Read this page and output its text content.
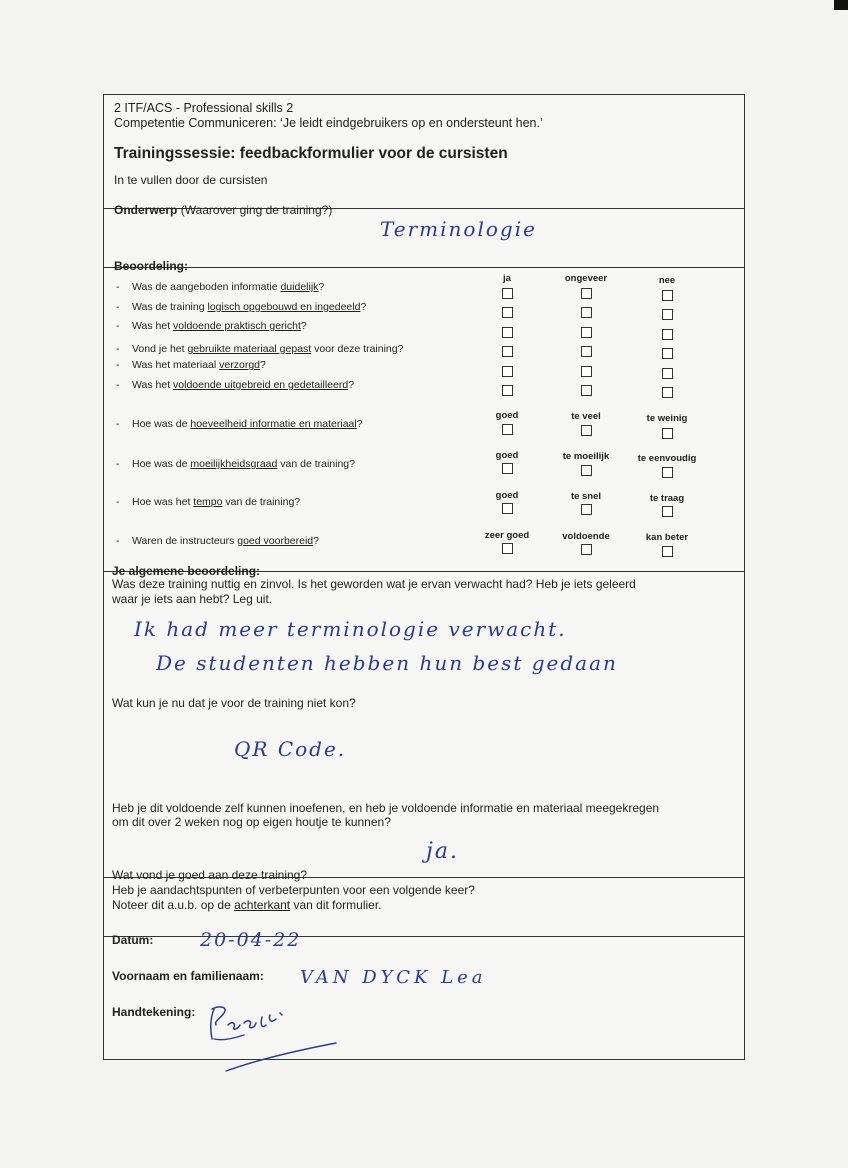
2 ITF/ACS - Professional skills 2
Competentie Communiceren: ‘Je leidt eindgebruikers op en ondersteunt hen.’
Trainingssessie: feedbackformulier voor de cursisten
In te vullen door de cursisten
Onderwerp (Waarover ging de training?)
Terminologie
Beoordeling:
ja	ongeveer	nee
- Was de aangeboden informatie duidelijk?
- Was de training logisch opgebouwd en ingedeeld?
- Was het voldoende praktisch gericht?
- Vond je het gebruikte materiaal gepast voor deze training?
- Was het materiaal verzorgd?
- Was het voldoende uitgebreid en gedetailleerd?
goed	te veel	te weinig
- Hoe was de hoeveelheid informatie en materiaal?
goed	te moeilijk	te eenvoudig
- Hoe was de moeilijkheidsgraad van de training?
goed	te snel	te traag
- Hoe was het tempo van de training?
zeer goed	voldoende	kan beter
- Waren de instructeurs goed voorbereid?
Je algemene beoordeling:
Was deze training nuttig en zinvol. Is het geworden wat je ervan verwacht had? Heb je iets geleerd
waar je iets aan hebt? Leg uit.
Ik had meer terminologie verwacht.
De studenten hebben hun best gedaan
Wat kun je nu dat je voor de training niet kon?
QR Code.
Heb je dit voldoende zelf kunnen inoefenen, en heb je voldoende informatie en materiaal meegekregen
om dit over 2 weken nog op eigen houtje te kunnen?
ja.
Wat vond je goed aan deze training?
Heb je aandachtspunten of verbeterpunten voor een volgende keer?
Noteer dit a.u.b. op de achterkant van dit formulier.
Datum: 20-04-22
Voornaam en familienaam: VAN DYCK Lea
Handtekening:
